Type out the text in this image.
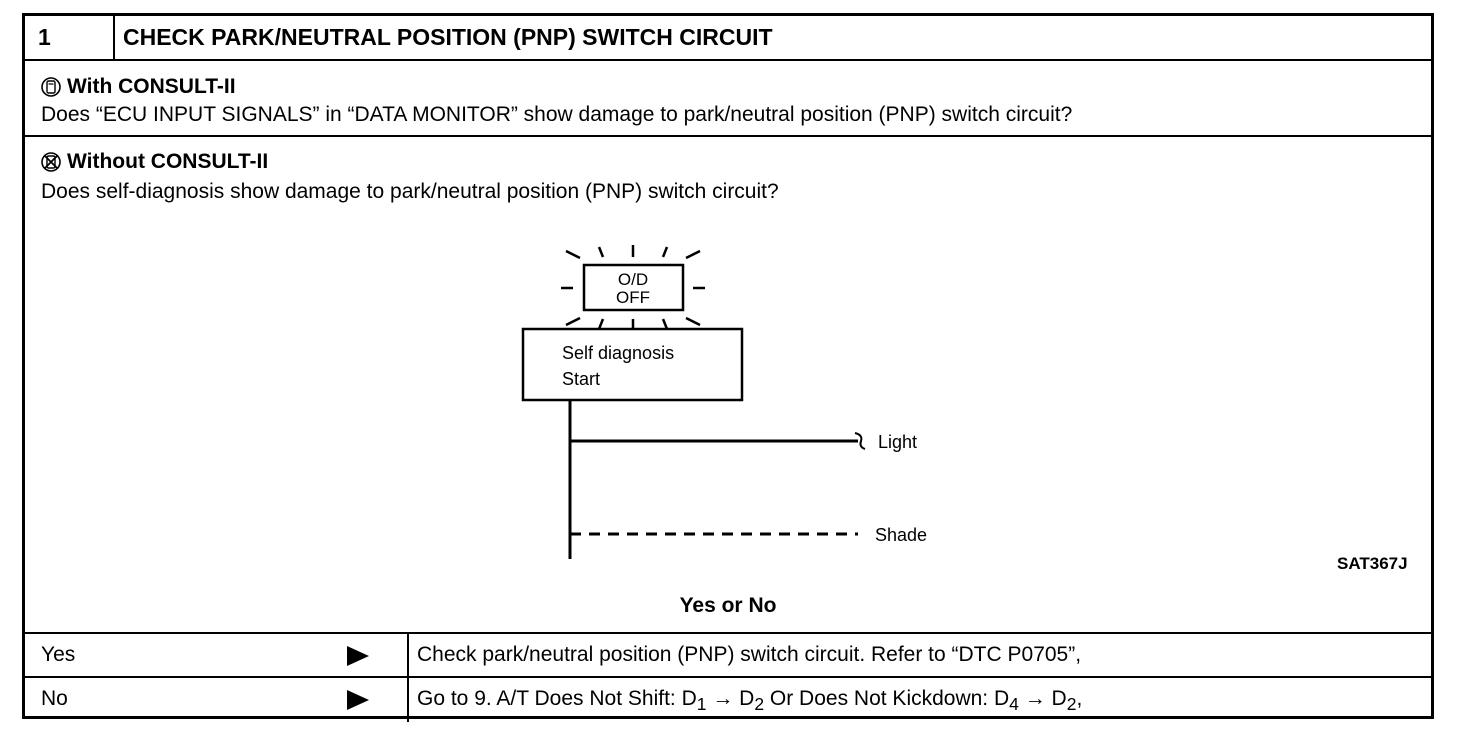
1	CHECK PARK/NEUTRAL POSITION (PNP) SWITCH CIRCUIT
With CONSULT-II
Does “ECU INPUT SIGNALS” in “DATA MONITOR” show damage to park/neutral position (PNP) switch circuit?
Without CONSULT-II
Does self-diagnosis show damage to park/neutral position (PNP) switch circuit?
O/D
OFF
Self diagnosis
Start
Light
Shade
SAT367J
Yes or No
Yes	Check park/neutral position (PNP) switch circuit. Refer to “DTC P0705”,
No	Go to 9. A/T Does Not Shift: $D_1 \to D_2$ Or Does Not Kickdown: $D_4 \to D_2$,
